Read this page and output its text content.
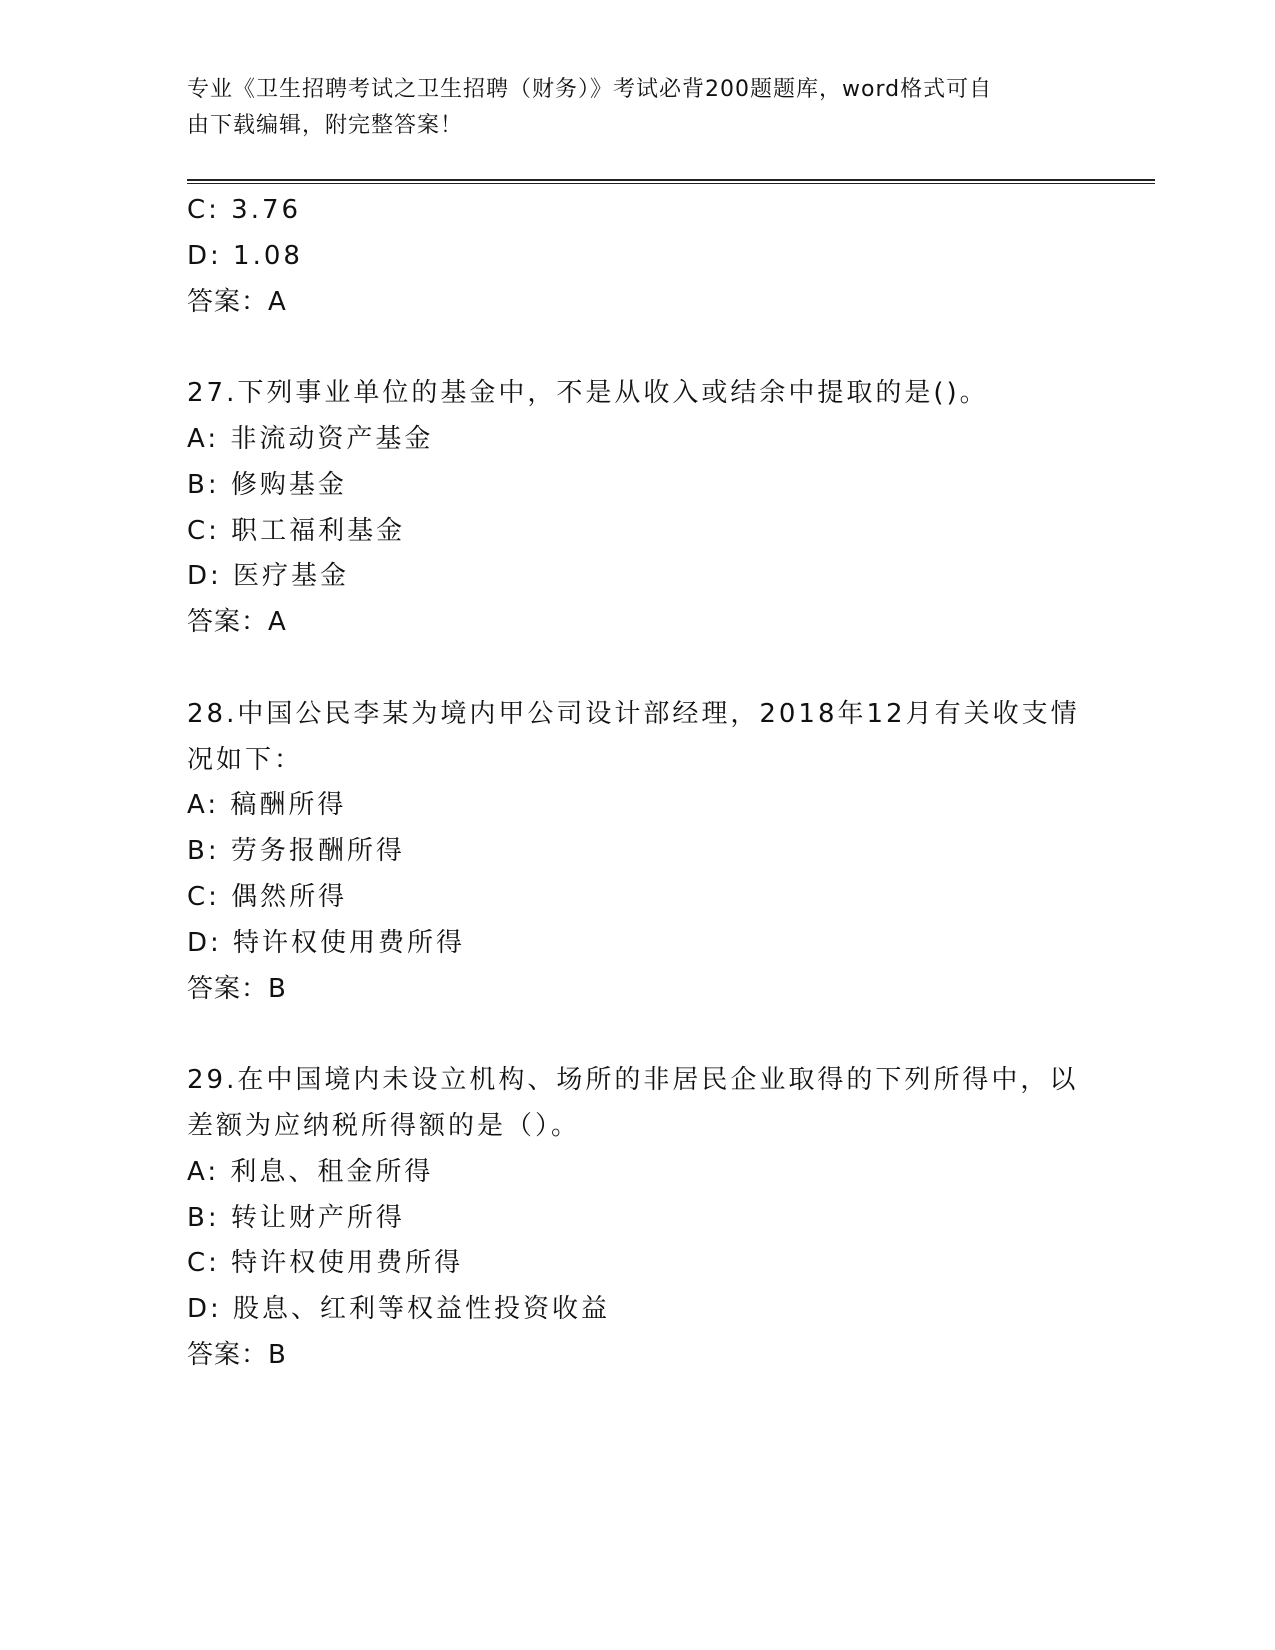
专业《卫生招聘考试之卫生招聘（财务）》考试必背200题题库，word格式可自
由下载编辑，附完整答案！
C: 3.76
D: 1.08
答案：A
27.下列事业单位的基金中，不是从收入或结余中提取的是()。
A: 非流动资产基金
B: 修购基金
C: 职工福利基金
D: 医疗基金
答案：A
28.中国公民李某为境内甲公司设计部经理，2018年12月有关收支情
况如下：
A: 稿酬所得
B: 劳务报酬所得
C: 偶然所得
D: 特许权使用费所得
答案：B
29.在中国境内未设立机构、场所的非居民企业取得的下列所得中，以
差额为应纳税所得额的是（）。
A: 利息、租金所得
B: 转让财产所得
C: 特许权使用费所得
D: 股息、红利等权益性投资收益
答案：B
